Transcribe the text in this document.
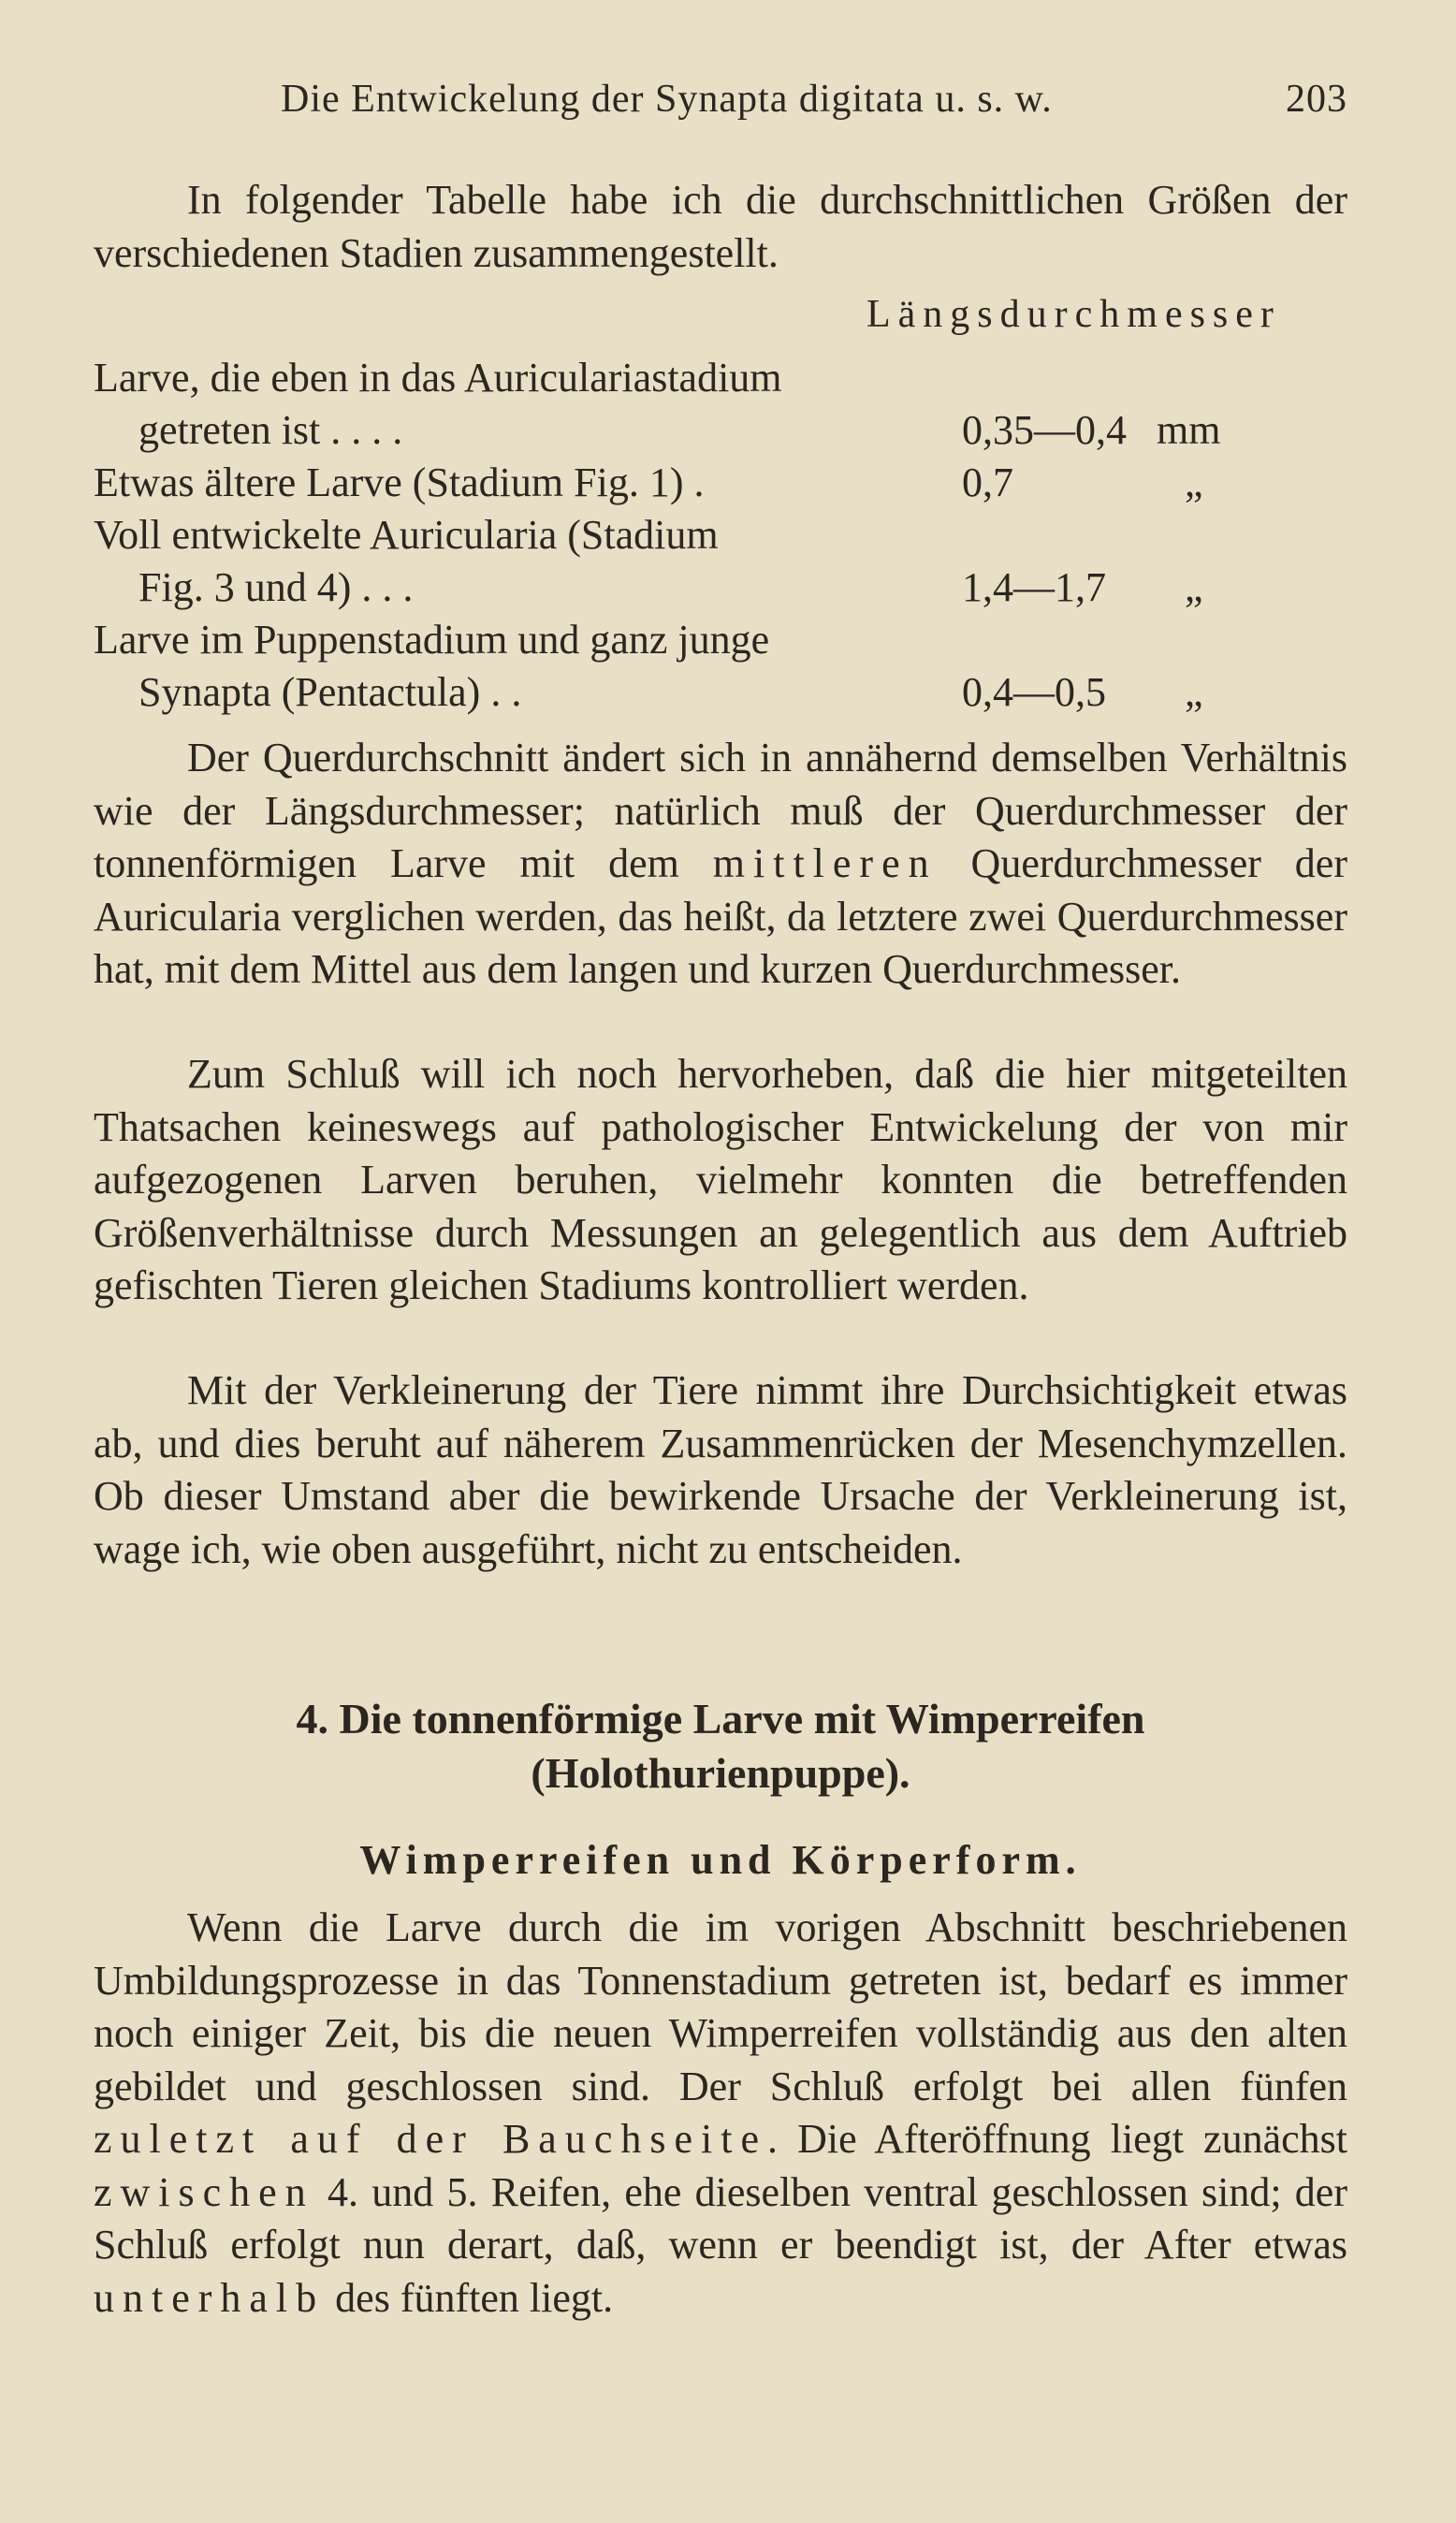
Die Entwickelung der Synapta digitata u. s. w.	203

In folgender Tabelle habe ich die durchschnittlichen Größen der verschiedenen Stadien zusammengestellt.

Längsdurchmesser
Larve, die eben in das Auriculariastadium
getreten ist . . . .	0,35—0,4 mm
Etwas ältere Larve (Stadium Fig. 1) .	0,7	„
Voll entwickelte Auricularia (Stadium
Fig. 3 und 4) . . .	1,4—1,7 „
Larve im Puppenstadium und ganz junge
Synapta (Pentactula) . .	0,4—0,5 „

Der Querdurchschnitt ändert sich in annähernd demselben Verhältnis wie der Längsdurchmesser; natürlich muß der Querdurchmesser der tonnenförmigen Larve mit dem mittleren Querdurchmesser der Auricularia verglichen werden, das heißt, da letztere zwei Querdurchmesser hat, mit dem Mittel aus dem langen und kurzen Querdurchmesser.

Zum Schluß will ich noch hervorheben, daß die hier mitgeteilten Thatsachen keineswegs auf pathologischer Entwickelung der von mir aufgezogenen Larven beruhen, vielmehr konnten die betreffenden Größenverhältnisse durch Messungen an gelegentlich aus dem Auftrieb gefischten Tieren gleichen Stadiums kontrolliert werden.

Mit der Verkleinerung der Tiere nimmt ihre Durchsichtigkeit etwas ab, und dies beruht auf näherem Zusammenrücken der Mesenchymzellen. Ob dieser Umstand aber die bewirkende Ursache der Verkleinerung ist, wage ich, wie oben ausgeführt, nicht zu entscheiden.

4. Die tonnenförmige Larve mit Wimperreifen
(Holothurienpuppe).
Wimperreifen und Körperform.

Wenn die Larve durch die im vorigen Abschnitt beschriebenen Umbildungsprozesse in das Tonnenstadium getreten ist, bedarf es immer noch einiger Zeit, bis die neuen Wimperreifen vollständig aus den alten gebildet und geschlossen sind. Der Schluß erfolgt bei allen fünfen zuletzt auf der Bauchseite. Die Afteröffnung liegt zunächst zwischen 4. und 5. Reifen, ehe dieselben ventral geschlossen sind; der Schluß erfolgt nun derart, daß, wenn er beendigt ist, der After etwas unterhalb des fünften liegt.
